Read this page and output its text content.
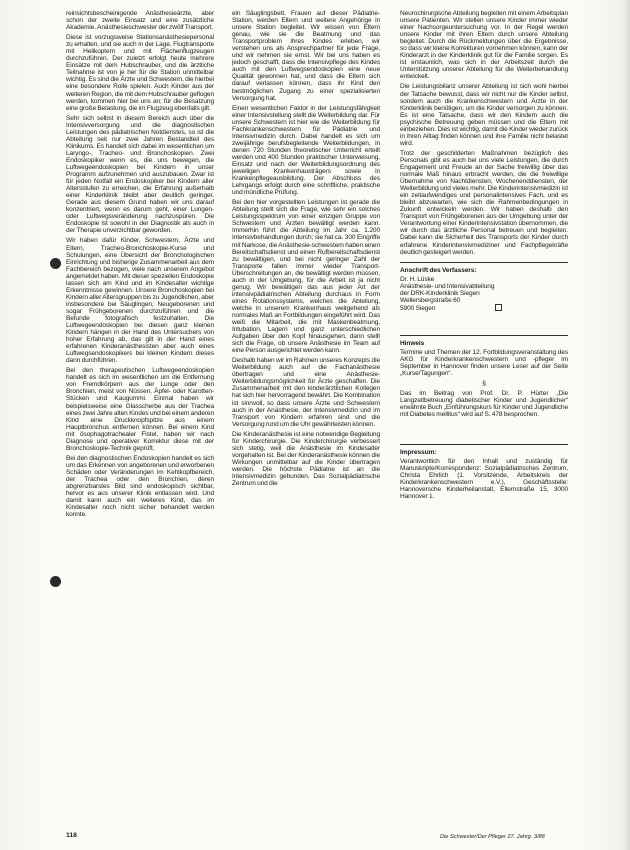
reinsichtsbescheinigende Anästhesieärzte, aber schon der zweite Einsatz und eine zusätzliche Akademie. Anästhesieschwester der zwölf Transport.

Diese ist vorzugsweise Stationsanästhesiepersonal zu erhalten, und sie auch in der Lage, Flugtransporte mit Helikoptern und mit Flächenflugzeugen durchzuführen. Der zuletzt erfolgt heute mehrere Einsätze mit dem Hubschrauber, und die ärztliche Teilnahme ist von je her für die Station unmittelbar wichtig. Es sind die Ärzte und Schwestern, die hierbei eine besondere Rolle spielen. Auch Kinder aus der weiteren Region, die mit dem Hubschrauber geflogen werden, kommen hier bei uns an; für die Besatzung eine große Belastung, die im Flugzeug ebenfalls gilt.

Sehr sich selbst in diesem Bereich auch über die Intensivversorgung und die diagnostischen Leistungen des pädiatrischen Notdienstes, so ist die Abteilung seit nur zwei Jahren Bestandteil des Klinikums. Es handelt sich dabei im wesentlichen um Laryngo-, Tracheo- und Bronchoskopien. Zwei Endoskopiker wenn es, die uns bewegen, die Luftwegeendoskopien bei Kindern in unser Programm aufzunehmen und auszubauen. Zwar ist für jeden Notfall ein Endoskopiker bei Kindern aller Altersstufen zu erreichen, die Erfahrung außerhalb einer Kinderklinik bleibt aber deutlich geringer. Gerade aus diesem Grund haben wir uns darauf konzentriert, wenn es darum geht, einer Lungen- oder Luftwegsveränderung nachzuspüren. Die Endoskopie ist sowohl in der Diagnostik als auch in der Therapie unverzichtbar geworden.

Wir haben dafür Kinder, Schwestern, Ärzte und Eltern, Tracheo-Bronchoskopie-Kurse und Schulungen, eine Übersicht der Bronchologischen Einrichtung und bisherige Zusammenarbeit aus dem Fachbereich bezogen, viele nach unserem Angebot angemeldet haben. Mit dieser speziellen Endoskopie lassen sich am Kind und im Kindesalter wichtige Erkenntnisse gewinnen. Unsere Bronchoskopien bei Kindern aller Altersgruppen bis zu Jugendlichen, aber insbesondere bei Säuglingen, Neugeborenen und sogar Frühgeborenen durchzuführen und die Befunde fotografisch festzuhalten. Die Luftwegeendoskopien bei diesen ganz kleinen Kindern hängen in der Hand des Untersuchers von hoher Erfahrung ab, das gilt in der Hand eines erfahrenen Kinderanästhesisten aber auch eines Luftwegsendoskopikers bei kleinen Kindern dieses dann durchführen.

Bei den therapeutischen Luftwegeendoskopien handelt es sich im wesentlichen um die Entfernung von Fremdkörpern aus der Lunge oder den Bronchien, meist von Nüssen, Äpfel- oder Karotten-Stücken und Kaugummi. Einmal haben wir beispielsweise eine Glasscherbe aus der Trachea eines zwei Jahre alten Kindes und bei einem anderen Kind eine Druckknopfspitze aus einem Hauptbronchus entfernen können. Bei einem Kind mit ösophagotrachealer Fistel, haben wir nach Diagnose und operativer Korrektur diese mit der Bronchoskopie-Technik geprüft.

Bei den diagnostischen Endoskopien handelt es sich um das Erkennen von angeborenen und erworbenen Schäden oder Veränderungen im Kehlkopfbereich, der Trachea oder den Bronchien, deren abgrenzbarstes Bild sind endoskopisch sichtbar, hervor es aus unserer Klinik entlassen wird. Und damit kann auch ein weiteres Kind, das im Kindesalter noch nicht sicher behandelt werden konnte.

ein Säuglingsbett. Frauen auf dieser Pädiatrie-Station, werden Eltern und weitere Angehörige in unsere Station begleitet. Wir wissen von Eltern genau, wie sie die Beatmung und das Transportproblem ihres Kindes erleben, wir verstehen uns als Ansprechpartner für jede Frage, und wir nehmen sie ernst. Wir bei uns haben es jedoch geschafft, dass die Intensivpflege des Kindes auch mit den Luftwegsendoskopien eine neue Qualität gewonnen hat, und dass die Eltern sich darauf verlassen können, dass ihr Kind den bestmöglichen Zugang zu einer spezialisierten Versorgung hat.

Einen wesentlichen Faktor in der Leistungsfähigkeit einer Intensivstellung stellt die Weiterbildung dar. Für unsere Schwestern ist hier wie die Weiterbildung für Fachkrankenschwestern für Pädiatrie und Intensivmedizin durch. Dabei handelt es sich um zweijährige berufsbegleitende Weiterbildungen, in denen 720 Stunden theoretischer Unterricht erteilt werden und 400 Stunden praktischer Unterweisung, Einsatz und nach der Weiterbildungsordnung des jeweiligen Krankenhausträgers sowie in Krankenpflegeausbildung. Der Abschluss des Lehrgangs erfolgt durch eine schriftliche, praktische und mündliche Prüfung.

Bei den hier vorgestellten Leistungen ist gerade die Abteilung stellt sich die Frage, wie sehr ein solches Leistungsspektrum von einer einzigen Gruppe von Schwestern und Ärzten bewältigt werden kann. Immerhin führt die Abteilung im Jahr ca. 1.200 Intensivbehandlungen durch; sie hat ca. 300 Eingriffe mit Narkose, die Anästhesie-schwestern haben einen Bereitschaftsdienst und einen Rufbereitschaftsdienst zu bewältigen, und bei nicht geringer Zahl der Transporte fallen immer wieder Transport-Überschreitungen an, die bewältigt werden müssen, auch in der Umgebung, für die Arbeit ist ja nicht genug. Wir bewältigen das aus jeder Art der intensivpädiatrischen Abteilung durchaus in Form eines Rotationssystems, welches die Abteilung, welche in unserem Krankenhaus weitgehend als normales Maß an Fortbildungen eingeführt wird. Das weiß die Mitarbeit, die mit Maskenbeatmung, Intubation, Lagern und ganz unterschiedlichen Aufgaben über den Kopf hinausgehen, dann stellt sich die Frage, ob unsere Anästhesie im Team auf eine Person ausgerichtet werden kann.

Deshalb haben wir im Rahmen unseres Konzepts die Weiterbildung auch auf die Fachanästhesie übertragen und eine Anästhesie-Weiterbildungsmöglichkeit für Ärzte geschaffen. Die Zusammenarbeit mit den kinderärztlichen Kollegen hat sich hier hervorragend bewährt. Die Kombination ist sinnvoll, so dass unsere Ärzte und Schwestern auch in der Anästhesie, der Intensivmedizin und im Transport von Kindern erfahren sind und die Versorgung rund um die Uhr gewährleisten können.

Die Kinderanästhesie ist eine notwendige Begleitung für Kinderchirurgie. Die Kinderchirurgie verbessert sich stetig, weil die Anästhesie im Kindesalter vorgehalten ist. Bei der Kinderanästhesie können die Wirkungen unmittelbar auf die Kinder übertragen werden. Die höchste Pädiatrie ist an die Intensivmedizin gebunden. Das Sozialpädiatrische Zentrum und die

Neurochirurgische Abteilung begleiten mit einem Arbeitsplan unsere Patienten. Wir stellen unsere Kinder immer wieder einer Nachsorgeuntersuchung vor. In der Regel werden unsere Kinder mit ihren Eltern durch unsere Abteilung begleitet. Durch die Rückmeldungen über die Ergebnisse, so dass wir kleine Korrekturen vornehmen können, kann der Kinderarzt in der Kinderklinik gut für die Familie sorgen. Es ist erstaunlich, was sich in der Arbeitszeit durch die Unterstützung unserer Abteilung für die Weiterbehandlung entwickelt.

Die Leistungsbilanz unserer Abteilung ist sich wohl hierbei der Tatsache bewusst, dass wir nicht nur die Kinder selbst, sondern auch die Krankenschwestern und Ärzte in der Kinderklinik benötigen, um die Kinder versorgen zu können. Es ist eine Tatsache, dass wir den Kindern auch die psychische Betreuung geben müssen und die Eltern mit einbeziehen. Dies ist wichtig, damit die Kinder wieder zurück in ihren Alltag finden können und ihre Familie nicht belastet wird.

Trotz der geschilderten Maßnahmen bezüglich des Personals gibt es auch bei uns viele Leistungen, die durch Engagement und Freude an der Sache freiwillig über das normale Maß hinaus erbracht werden, die die freiwillige Übernahme von Nachtdiensten, Wochenenddiensten, der Weiterbildung und vieles mehr. Die Kinderintensivmedizin ist ein zeitaufwendiges und personalintensives Fach, und es bleibt abzuwarten, wie sich die Rahmenbedingungen in Zukunft entwickeln werden. Wir haben deshalb den Transport von Frühgeborenen aus der Umgebung unter der Verantwortung einer Kinderintensivstation übernommen, die wir durch das ärztliche Personal betreuen und begleiten. Dabei kann die Sicherheit des Transports der Kinder durch erfahrene Kinderintensivmediziner und Fachpflegekräfte deutlich gesteigert werden.

Anschrift des Verfassers:
Dr. H. Lüske
Anästhesie- und Intensivabteilung
der DRK-Kinderklinik Siegen
Wellersbergstraße 60
5900 Siegen
Hinweis

Termine und Themen der 12. Fortbildungsveranstaltung des AKG für Kinderkrankenschwestern und -pfleger im September in Hannover finden unsere Leser auf der Seite „Kurse/Tagungen“.

§

Das im Beitrag von Prof. Dr. P. Hürter „Die Langzeitbetreuung diabetischer Kinder und Jugendlicher“ erwähnte Buch „Einführungskurs für Kinder und Jugendliche mit Diabetes mellitus“ wird auf S. 478 besprochen.

Impressum:

Verantwortlich für den Inhalt und zuständig für Manuskripte/Korrespondenz: Sozialpädiatrisches Zentrum, Christa Ehrlich (1. Vorsitzende, Arbeitskreis der Kinderkrankenschwestern e.V.), Geschäftsstelle: Hannoversche Kinderheilanstalt, Ellernstraße 15, 3000 Hannover 1.

118	Die Schwester/Der Pfleger 27. Jahrg. 3/88
